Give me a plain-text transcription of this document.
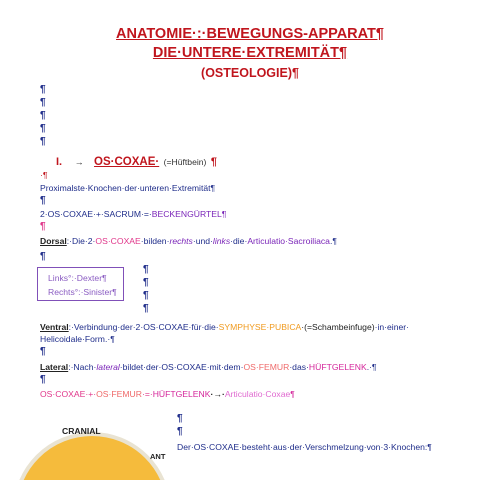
ANATOMIE·:·BEWEGUNGS-APPARAT¶
DIE·UNTERE·EXTREMITÄT¶
(OSTEOLOGIE)¶
¶
¶
¶
¶
¶
I. → OS·COXAE· (=Hüftbein) ¶
·¶
Proximalste·Knochen·der·unteren·Extremität¶
¶
2·OS·COXAE·+·SACRUM·=·BECKENGÜRTEL¶
¶
Dorsal:·Die·2·OS·COXAE·bilden·rechts·und·links·die·Articulatio·Sacroiliaca.¶
¶
Links°:·Dexter¶
Rechts°:·Sinister¶
¶
¶
¶
¶
Ventral:·Verbindung·der·2·OS·COXAE·für·die·SYMPHYSE·PUBICA·(=Schambeinfuge)·in·einer·
Helicoidale·Form.·¶
¶
Lateral:·Nach·lateral·bildet·der·OS·COXAE·mit·dem·OS·FEMUR·das·HÜFTGELENK.·¶
¶
OS·COXAE·+·OS·FEMUR·=·HÜFTGELENK·→·Articulatio·Coxae¶
¶
¶
Der·OS·COXAE·besteht·aus·der·Verschmelzung·von·3·Knochen:¶
CRANIAL
ANT
